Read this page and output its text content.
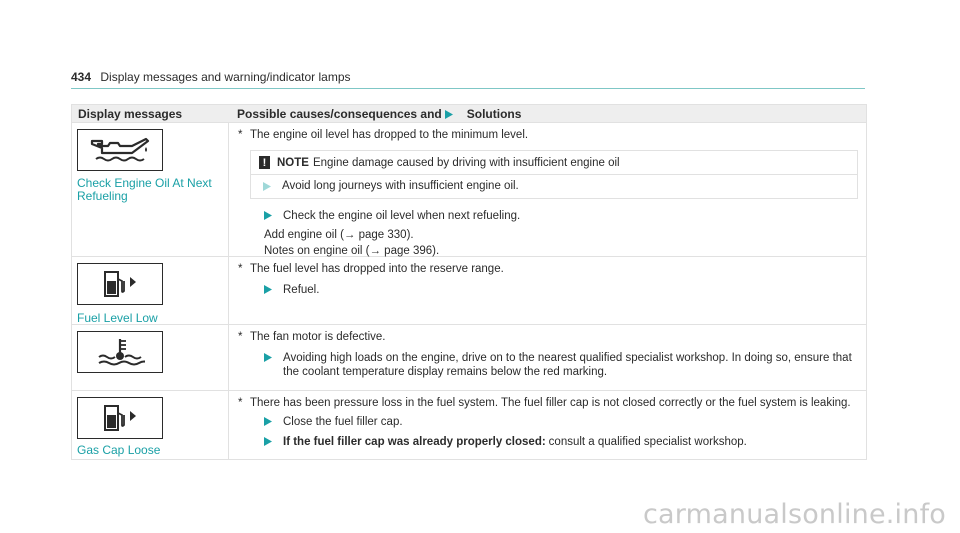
434 Display messages and warning/indicator lamps
Display messages	Possible causes/consequences and Solutions
Check Engine Oil At Next Refueling
* The engine oil level has dropped to the minimum level.
! NOTE Engine damage caused by driving with insufficient engine oil
Avoid long journeys with insufficient engine oil.
Check the engine oil level when next refueling.
Add engine oil (→ page 330).
Notes on engine oil (→ page 396).
Fuel Level Low
* The fuel level has dropped into the reserve range.
Refuel.
* The fan motor is defective.
Avoiding high loads on the engine, drive on to the nearest qualified specialist workshop. In doing so, ensure that the coolant temperature display remains below the red marking.
Gas Cap Loose
* There has been pressure loss in the fuel system. The fuel filler cap is not closed correctly or the fuel system is leaking.
Close the fuel filler cap.
If the fuel filler cap was already properly closed: consult a qualified specialist workshop.
carmanualsonline.info
